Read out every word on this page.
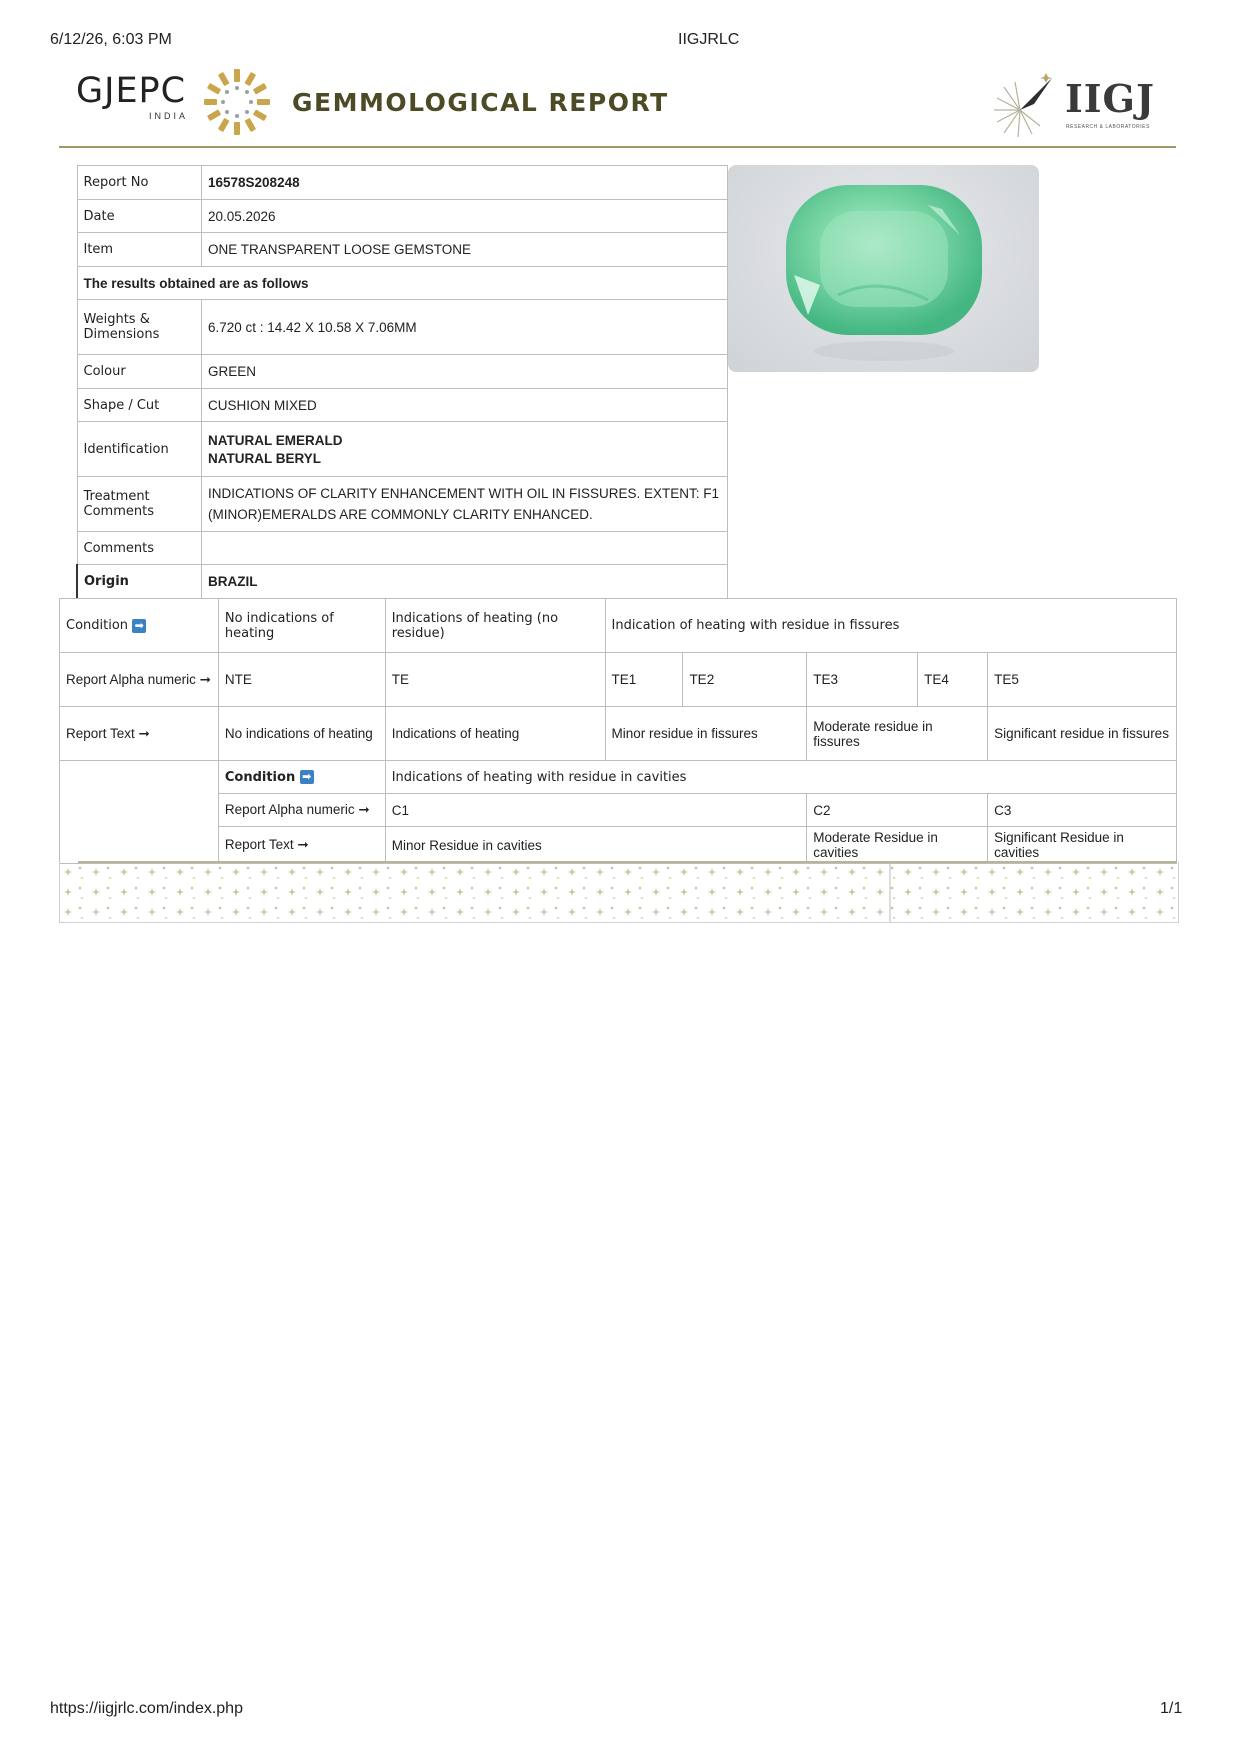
6/12/26, 6:03 PM	IIGJRLC
https://iigjrlc.com/index.php	1/1
GJEPC
INDIA	GEMMOLOGICAL REPORT	IIGJ
RESEARCH & LABORATORIES
Report No	16578S208248
Date	20.05.2026
Item	ONE TRANSPARENT LOOSE GEMSTONE
The results obtained are as follows	
Weights & Dimensions	6.720 ct : 14.42 X 10.58 X 7.06MM
Colour	GREEN
Shape / Cut	CUSHION MIXED
Identification	NATURAL EMERALD
NATURAL BERYL

Treatment Comments	INDICATIONS OF CLARITY ENHANCEMENT WITH OIL IN FISSURES. EXTENT: F1 (MINOR)EMERALDS ARE COMMONLY CLARITY ENHANCED.
Comments	
Origin	BRAZIL
Condition ➡	No indications of heating	Indications of heating (no residue)	Indication of heating with residue in fissures				
Report Alpha numeric ➞	NTE	TE	TE1	TE2	TE3	TE4	TE5
Report Text ➞	No indications of heating	Indications of heating	Minor residue in fissures		Moderate residue in fissures		Significant residue in fissures
	Condition ➡	Indications of heating with residue in cavities					
	Report Alpha numeric ➞	C1			C2		C3
	Report Text ➞	Minor Residue in cavities			Moderate Residue in cavities		Significant Residue in cavities
